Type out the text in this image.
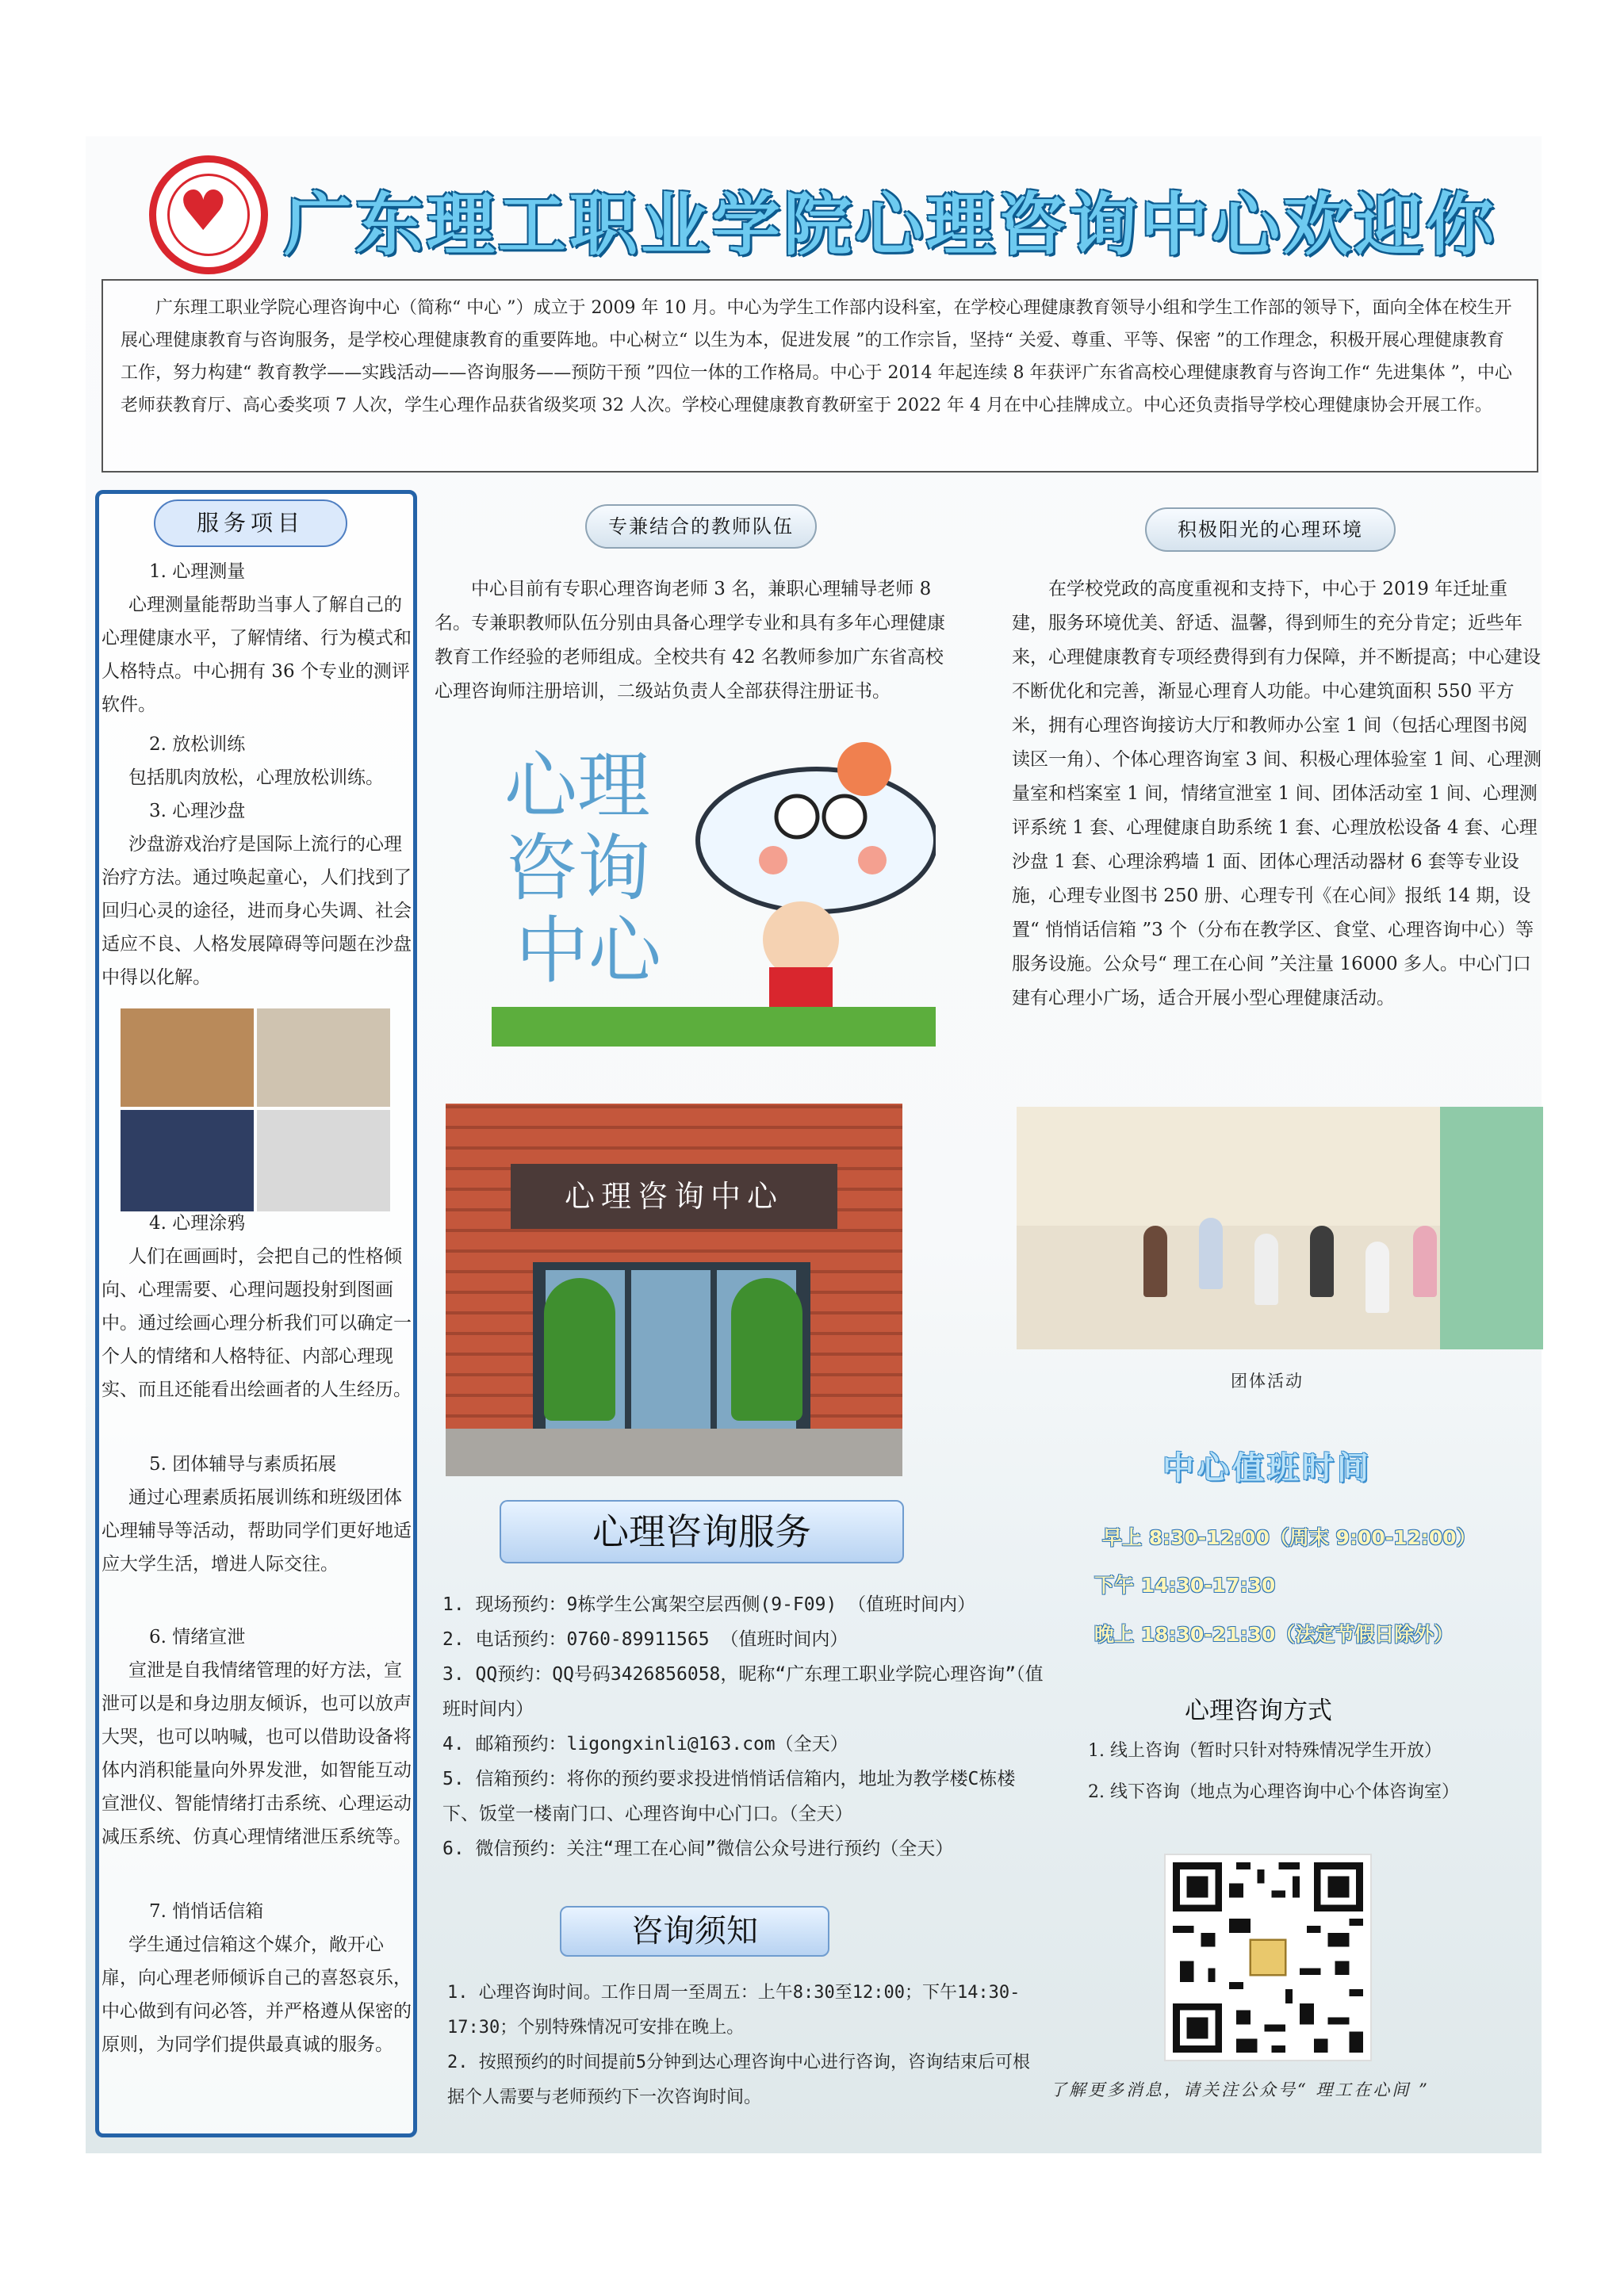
♥ 广东理工职业学院心理咨询中心欢迎你
广东理工职业学院心理咨询中心（简称“ 中心 ”）成立于 2009 年 10 月。中心为学生工作部内设科室，在学校心理健康教育领导小组和学生工作部的领导下，面向全体在校生开展心理健康教育与咨询服务，是学校心理健康教育的重要阵地。中心树立“ 以生为本，促进发展 ”的工作宗旨，坚持“ 关爱、尊重、平等、保密 ”的工作理念，积极开展心理健康教育工作，努力构建“ 教育教学——实践活动——咨询服务——预防干预 ”四位一体的工作格局。中心于 2014 年起连续 8 年获评广东省高校心理健康教育与咨询工作“ 先进集体 ”，中心老师获教育厅、高心委奖项 7 人次，学生心理作品获省级奖项 32 人次。学校心理健康教育教研室于 2022 年 4 月在中心挂牌成立。中心还负责指导学校心理健康协会开展工作。
服务项目
1. 心理测量
心理测量能帮助当事人了解自己的心理健康水平，了解情绪、行为模式和人格特点。中心拥有 36 个专业的测评软件。
2. 放松训练
包括肌肉放松，心理放松训练。
3. 心理沙盘
沙盘游戏治疗是国际上流行的心理治疗方法。通过唤起童心，人们找到了回归心灵的途径，进而身心失调、社会适应不良、人格发展障碍等问题在沙盘中得以化解。
4. 心理涂鸦
人们在画画时，会把自己的性格倾向、心理需要、心理问题投射到图画中。通过绘画心理分析我们可以确定一个人的情绪和人格特征、内部心理现实、而且还能看出绘画者的人生经历。
5. 团体辅导与素质拓展
通过心理素质拓展训练和班级团体心理辅导等活动，帮助同学们更好地适应大学生活，增进人际交往。
6. 情绪宣泄
宣泄是自我情绪管理的好方法，宣泄可以是和身边朋友倾诉，也可以放声大哭，也可以呐喊，也可以借助设备将体内消积能量向外界发泄，如智能互动宣泄仪、智能情绪打击系统、心理运动减压系统、仿真心理情绪泄压系统等。
7. 悄悄话信箱
学生通过信箱这个媒介，敞开心扉，向心理老师倾诉自己的喜怒哀乐，中心做到有问必答，并严格遵从保密的原则，为同学们提供最真诚的服务。
专兼结合的教师队伍
中心目前有专职心理咨询老师 3 名，兼职心理辅导老师 8 名。专兼职教师队伍分别由具备心理学专业和具有多年心理健康教育工作经验的老师组成。全校共有 42 名教师参加广东省高校心理咨询师注册培训，二级站负责人全部获得注册证书。
心理
咨询
中心
心理咨询中心
心理咨询服务
1. 现场预约：9栋学生公寓架空层西侧(9-F09) （值班时间内）
2. 电话预约：0760-89911565 （值班时间内）
3. QQ预约：QQ号码3426856058，昵称“广东理工职业学院心理咨询”（值班时间内）
4. 邮箱预约：ligongxinli@163.com（全天）
5. 信箱预约：将你的预约要求投进悄悄话信箱内，地址为教学楼C栋楼下、饭堂一楼南门口、心理咨询中心门口。（全天）
6. 微信预约：关注“理工在心间”微信公众号进行预约（全天）
咨询须知
1. 心理咨询时间。工作日周一至周五：上午8:30至12:00；下午14:30-17:30；个别特殊情况可安排在晚上。
2. 按照预约的时间提前5分钟到达心理咨询中心进行咨询，咨询结束后可根据个人需要与老师预约下一次咨询时间。
积极阳光的心理环境
在学校党政的高度重视和支持下，中心于 2019 年迁址重建，服务环境优美、舒适、温馨，得到师生的充分肯定；近些年来，心理健康教育专项经费得到有力保障，并不断提高；中心建设不断优化和完善，渐显心理育人功能。中心建筑面积 550 平方米，拥有心理咨询接访大厅和教师办公室 1 间（包括心理图书阅读区一角）、个体心理咨询室 3 间、积极心理体验室 1 间、心理测量室和档案室 1 间，情绪宣泄室 1 间、团体活动室 1 间、心理测评系统 1 套、心理健康自助系统 1 套、心理放松设备 4 套、心理沙盘 1 套、心理涂鸦墙 1 面、团体心理活动器材 6 套等专业设施，心理专业图书 250 册、心理专刊《在心间》报纸 14 期，设置“ 悄悄话信箱 ”3 个（分布在教学区、食堂、心理咨询中心）等服务设施。公众号“ 理工在心间 ”关注量 16000 多人。中心门口建有心理小广场，适合开展小型心理健康活动。
团体活动
中心值班时间
早上 8:30-12:00（周末 9:00-12:00）
下午 14:30-17:30
晚上 18:30-21:30（法定节假日除外）
心理咨询方式
1. 线上咨询（暂时只针对特殊情况学生开放）
2. 线下咨询（地点为心理咨询中心个体咨询室）
了解更多消息，请关注公众号“ 理工在心间 ”
